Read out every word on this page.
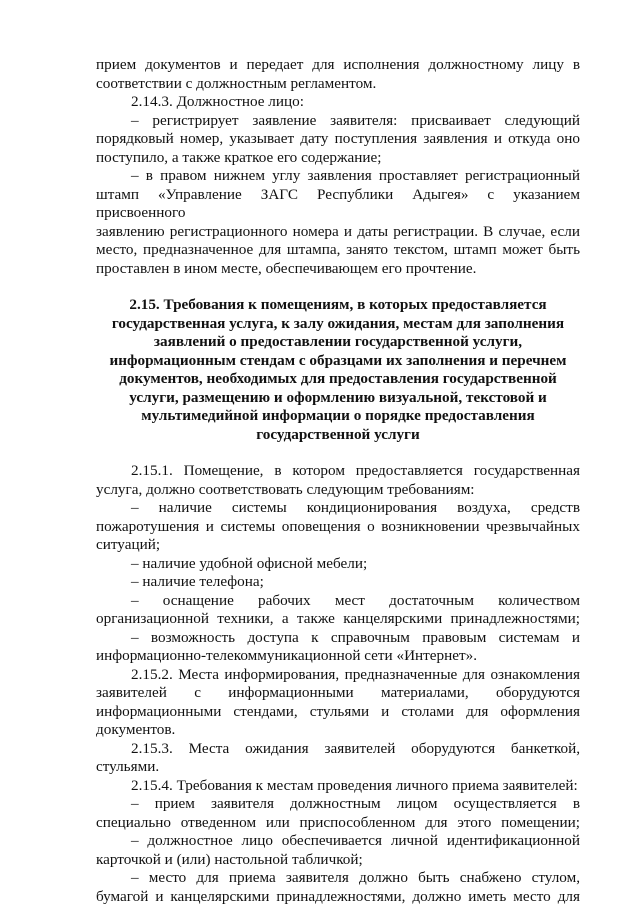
прием документов и передает для исполнения должностному лицу в
соответствии с должностным регламентом.
2.14.3. Должностное лицо:
– регистрирует заявление заявителя: присваивает следующий
порядковый номер, указывает дату поступления заявления и откуда оно
поступило, а также краткое его содержание;
– в правом нижнем углу заявления проставляет регистрационный
штамп «Управление ЗАГС Республики Адыгея» с указанием присвоенного
заявлению регистрационного номера и даты регистрации. В случае, если
место, предназначенное для штампа, занято текстом, штамп может быть
проставлен в ином месте, обеспечивающем его прочтение.
2.15. Требования к помещениям, в которых предоставляется
государственная услуга, к залу ожидания, местам для заполнения
заявлений о предоставлении государственной услуги,
информационным стендам с образцами их заполнения и перечнем
документов, необходимых для предоставления государственной
услуги, размещению и оформлению визуальной, текстовой и
мультимедийной информации о порядке предоставления
государственной услуги
2.15.1. Помещение, в котором предоставляется государственная
услуга, должно соответствовать следующим требованиям:
– наличие системы кондиционирования воздуха, средств
пожаротушения и системы оповещения о возникновении чрезвычайных
ситуаций;
– наличие удобной офисной мебели;
– наличие телефона;
– оснащение рабочих мест достаточным количеством
организационной техники, а также канцелярскими принадлежностями;
– возможность доступа к справочным правовым системам и
информационно-телекоммуникационной сети «Интернет».
2.15.2. Места информирования, предназначенные для ознакомления
заявителей с информационными материалами, оборудуются
информационными стендами, стульями и столами для оформления
документов.
2.15.3. Места ожидания заявителей оборудуются банкеткой,
стульями.
2.15.4. Требования к местам проведения личного приема заявителей:
– прием заявителя должностным лицом осуществляется в
специально отведенном или приспособленном для этого помещении;
– должностное лицо обеспечивается личной идентификационной
карточкой и (или) настольной табличкой;
– место для приема заявителя должно быть снабжено стулом,
бумагой и канцелярскими принадлежностями, должно иметь место для
